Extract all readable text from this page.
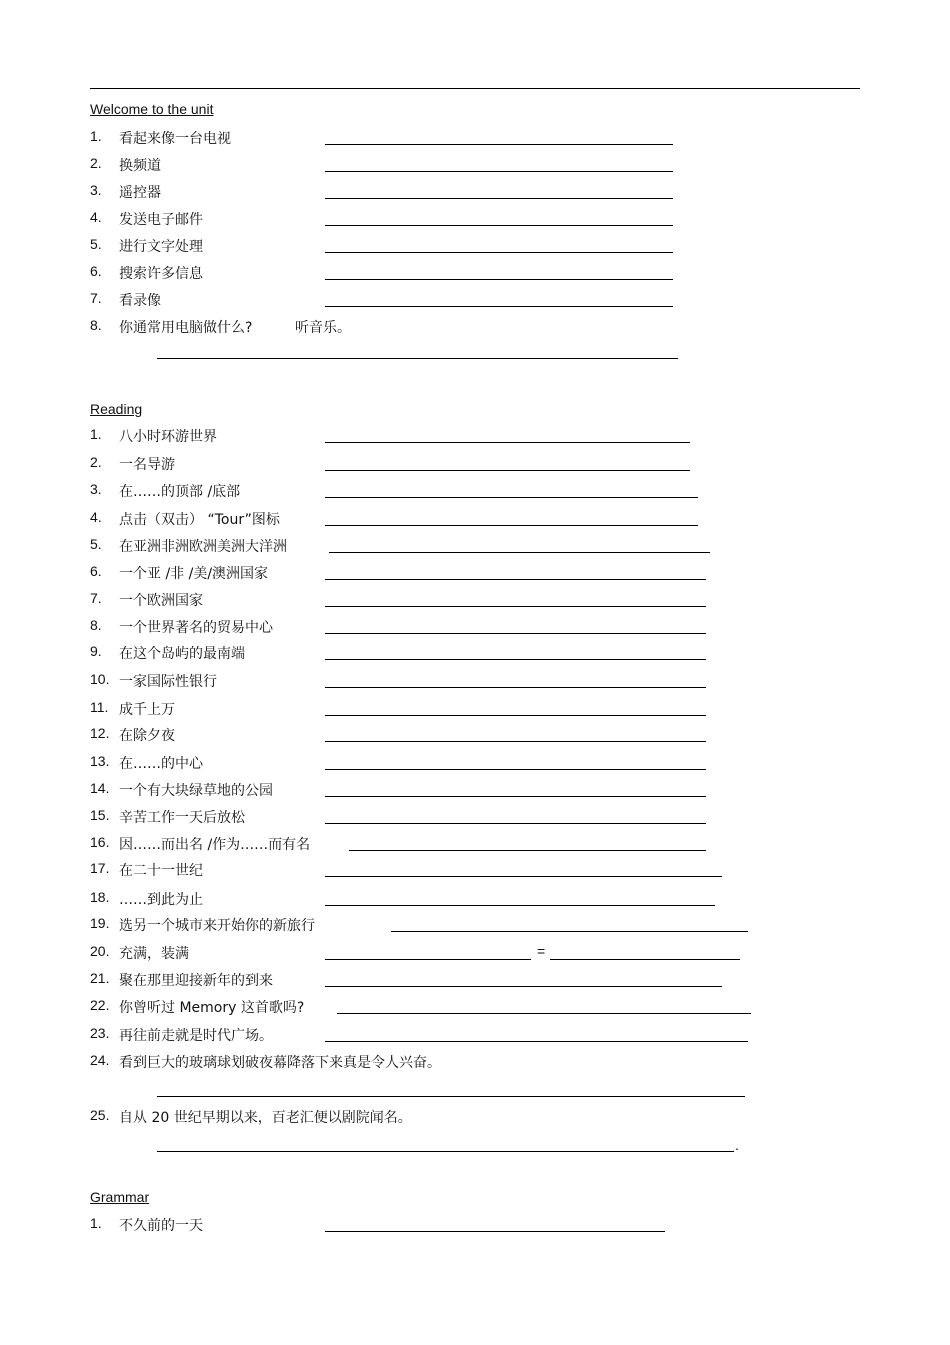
Welcome to the unit
1. 看起来像一台电视
2. 换频道
3. 遥控器
4. 发送电子邮件
5. 进行文字处理
6. 搜索许多信息
7. 看录像
8. 你通常用电脑做什么?	听音乐。
Reading
1. 八小时环游世界
2. 一名导游
3. 在……的顶部 /底部
4. 点击（双击） “Tour”图标
5. 在亚洲非洲欧洲美洲大洋洲
6. 一个亚 /非 /美/澳洲国家
7. 一个欧洲国家
8. 一个世界著名的贸易中心
9. 在这个岛屿的最南端
10. 一家国际性银行
11. 成千上万
12. 在除夕夜
13. 在……的中心
14. 一个有大块绿草地的公园
15. 辛苦工作一天后放松
16. 因……而出名 /作为……而有名
17. 在二十一世纪
18. ……到此为止
19. 选另一个城市来开始你的新旅行
20. 充满，装满	=
21. 聚在那里迎接新年的到来
22. 你曾听过 Memory 这首歌吗?
23. 再往前走就是时代广场。
24. 看到巨大的玻璃球划破夜幕降落下来真是令人兴奋。
25. 自从 20 世纪早期以来，百老汇便以剧院闻名。
.
Grammar
1. 不久前的一天
